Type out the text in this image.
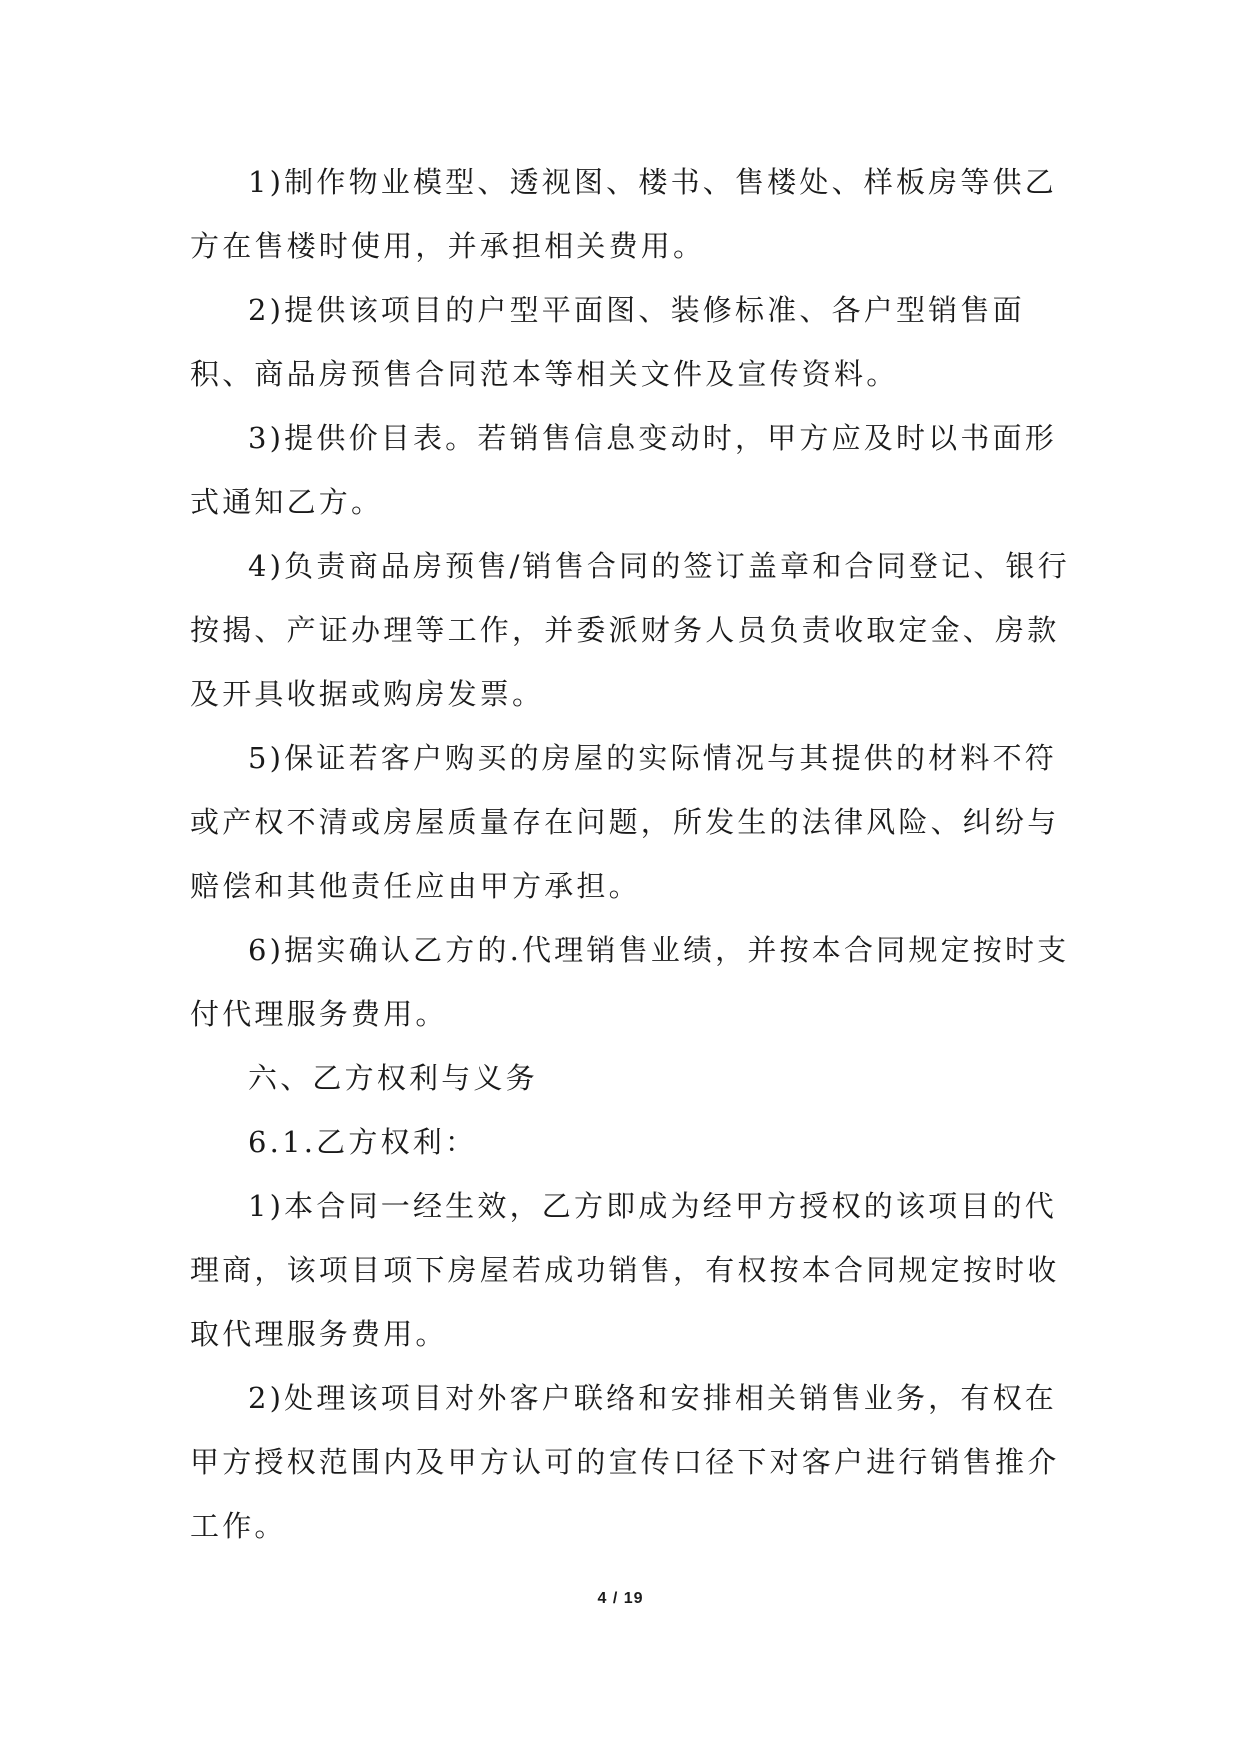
1)制作物业模型、透视图、楼书、售楼处、样板房等供乙方在售楼时使用，并承担相关费用。

2)提供该项目的户型平面图、装修标准、各户型销售面积、商品房预售合同范本等相关文件及宣传资料。

3)提供价目表。若销售信息变动时，甲方应及时以书面形式通知乙方。

4)负责商品房预售/销售合同的签订盖章和合同登记、银行按揭、产证办理等工作，并委派财务人员负责收取定金、房款及开具收据或购房发票。

5)保证若客户购买的房屋的实际情况与其提供的材料不符或产权不清或房屋质量存在问题，所发生的法律风险、纠纷与赔偿和其他责任应由甲方承担。

6)据实确认乙方的.代理销售业绩，并按本合同规定按时支付代理服务费用。

六、乙方权利与义务

6.1.乙方权利：

1)本合同一经生效，乙方即成为经甲方授权的该项目的代理商，该项目项下房屋若成功销售，有权按本合同规定按时收取代理服务费用。

2)处理该项目对外客户联络和安排相关销售业务，有权在甲方授权范围内及甲方认可的宣传口径下对客户进行销售推介工作。

4 / 19
